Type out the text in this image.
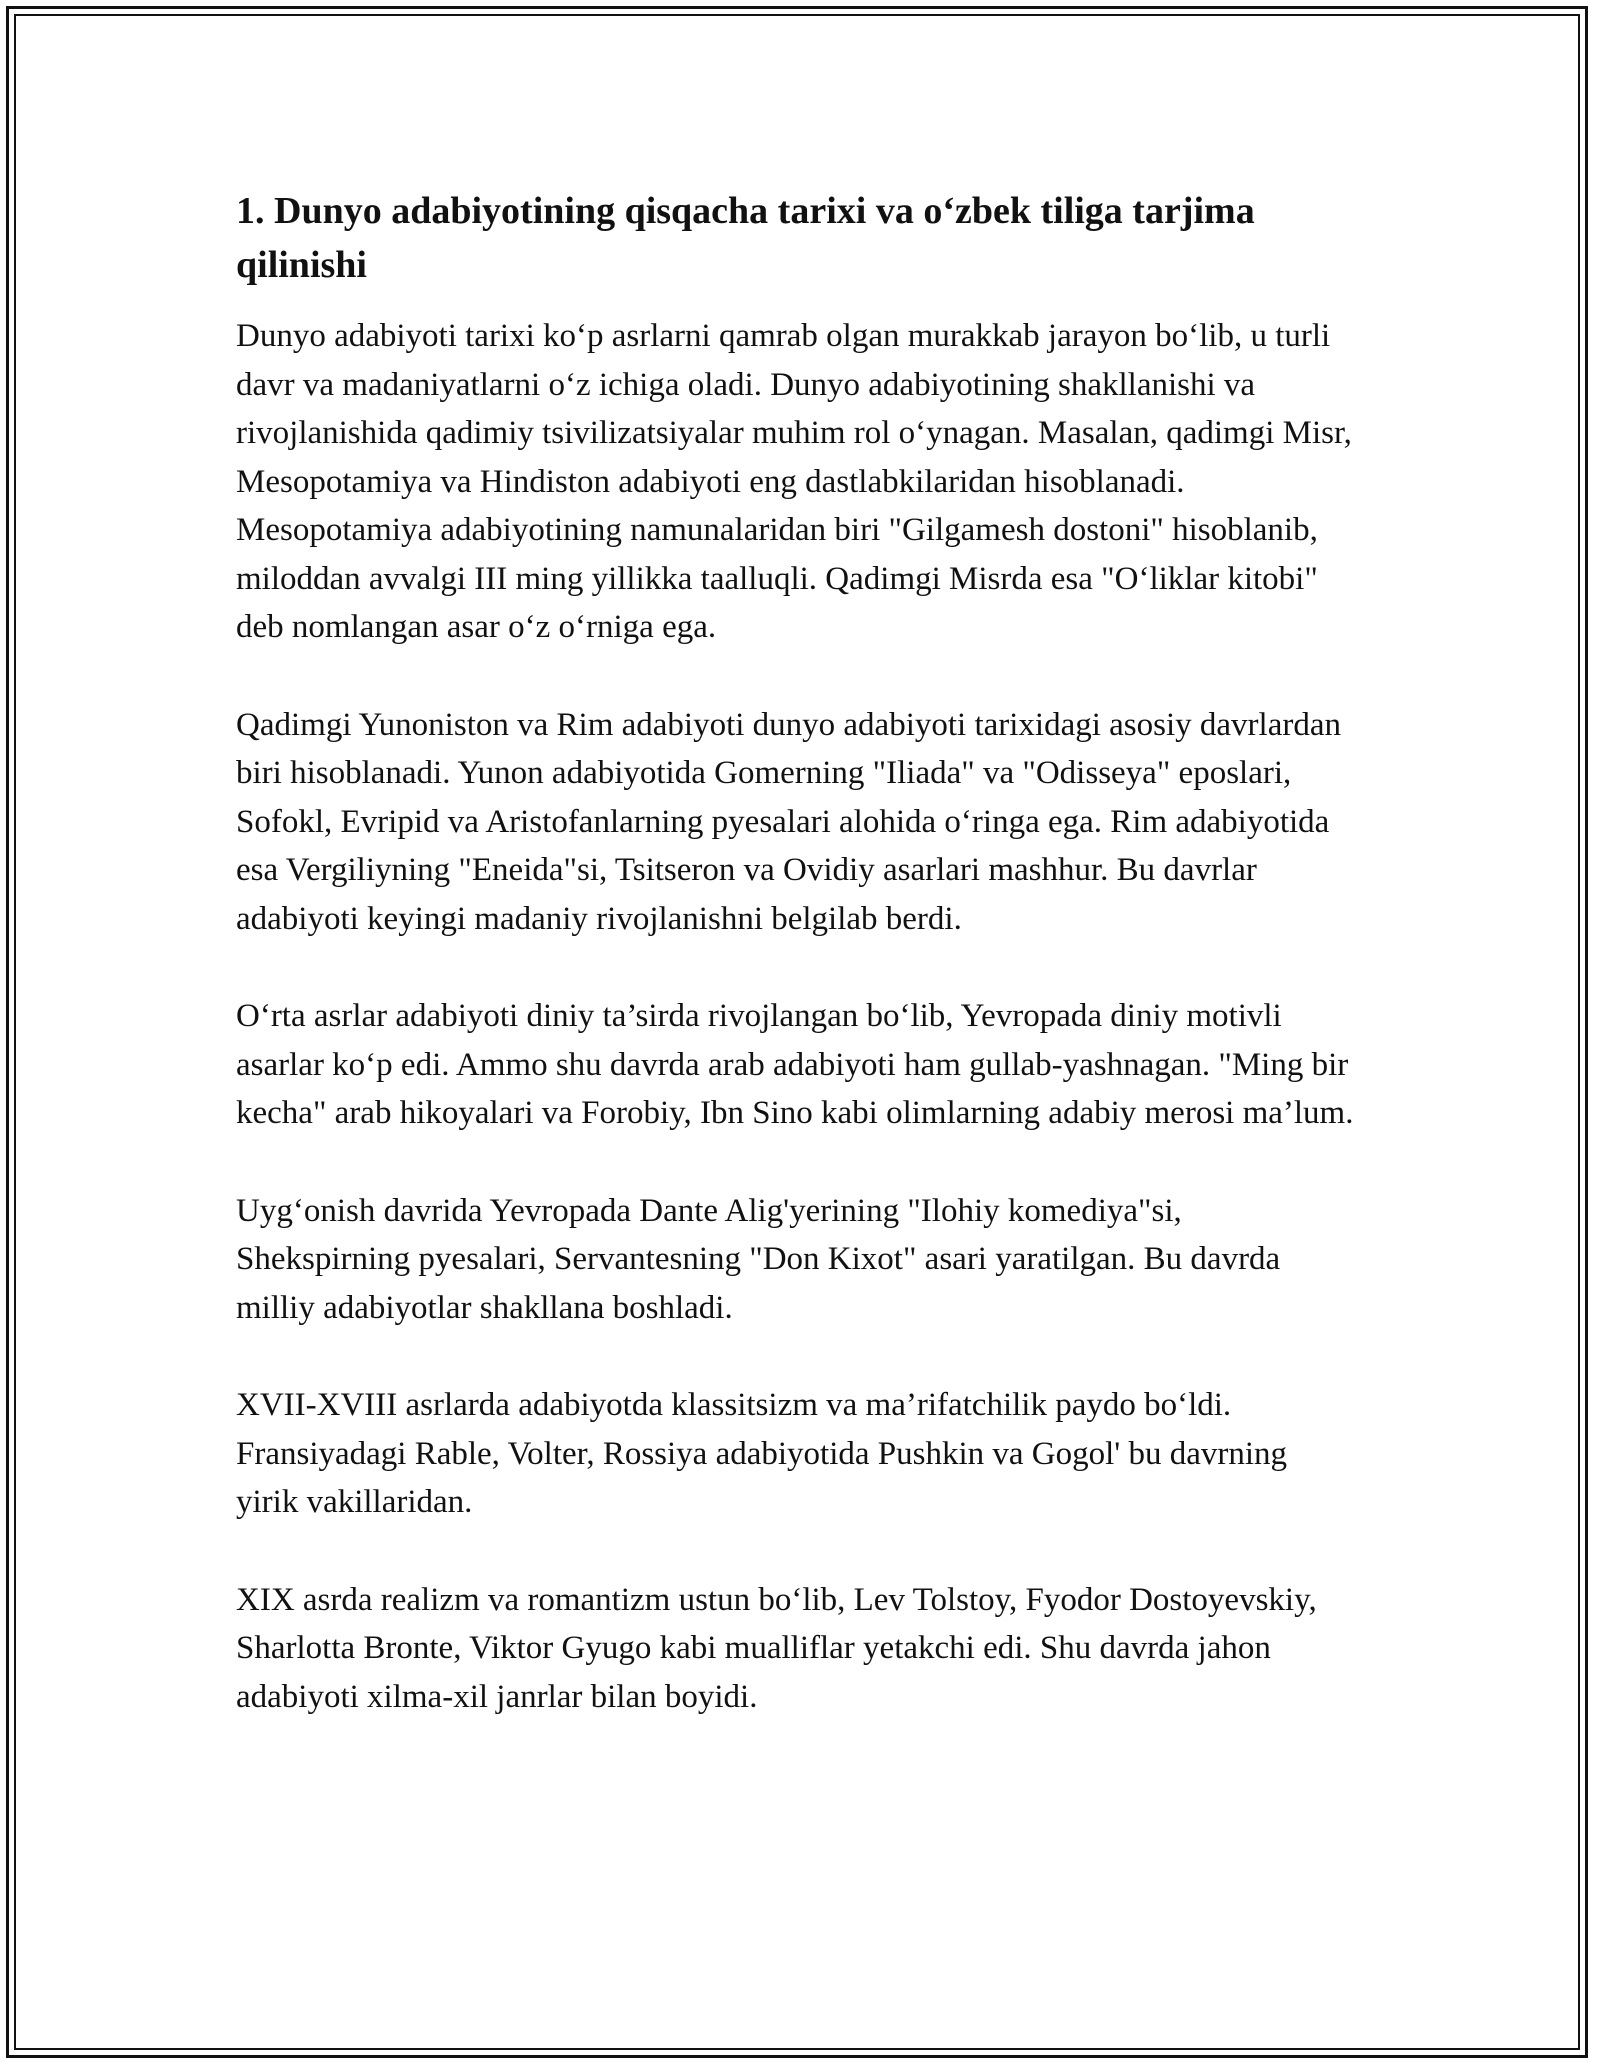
1. Dunyo adabiyotining qisqacha tarixi va oʻzbek tiliga tarjima qilinishi

Dunyo adabiyoti tarixi koʻp asrlarni qamrab olgan murakkab jarayon boʻlib, u turli davr va madaniyatlarni oʻz ichiga oladi. Dunyo adabiyotining shakllanishi va rivojlanishida qadimiy tsivilizatsiyalar muhim rol oʻynagan. Masalan, qadimgi Misr, Mesopotamiya va Hindiston adabiyoti eng dastlabkilaridan hisoblanadi. Mesopotamiya adabiyotining namunalaridan biri "Gilgamesh dostoni" hisoblanib, miloddan avvalgi III ming yillikka taalluqli. Qadimgi Misrda esa "Oʻliklar kitobi" deb nomlangan asar oʻz oʻrniga ega.

Qadimgi Yunoniston va Rim adabiyoti dunyo adabiyoti tarixidagi asosiy davrlardan biri hisoblanadi. Yunon adabiyotida Gomerning "Iliada" va "Odisseya" eposlari, Sofokl, Evripid va Aristofanlarning pyesalari alohida oʻringa ega. Rim adabiyotida esa Vergiliyning "Eneida"si, Tsitseron va Ovidiy asarlari mashhur. Bu davrlar adabiyoti keyingi madaniy rivojlanishni belgilab berdi.

Oʻrta asrlar adabiyoti diniy ta’sirda rivojlangan boʻlib, Yevropada diniy motivli asarlar koʻp edi. Ammo shu davrda arab adabiyoti ham gullab-yashnagan. "Ming bir kecha" arab hikoyalari va Forobiy, Ibn Sino kabi olimlarning adabiy merosi ma’lum.

Uygʻonish davrida Yevropada Dante Alig'yerining "Ilohiy komediya"si, Shekspirning pyesalari, Servantesning "Don Kixot" asari yaratilgan. Bu davrda milliy adabiyotlar shakllana boshladi.

XVII-XVIII asrlarda adabiyotda klassitsizm va ma’rifatchilik paydo boʻldi. Fransiyadagi Rable, Volter, Rossiya adabiyotida Pushkin va Gogol' bu davrning yirik vakillaridan.

XIX asrda realizm va romantizm ustun boʻlib, Lev Tolstoy, Fyodor Dostoyevskiy, Sharlotta Bronte, Viktor Gyugo kabi mualliflar yetakchi edi. Shu davrda jahon adabiyoti xilma-xil janrlar bilan boyidi.
